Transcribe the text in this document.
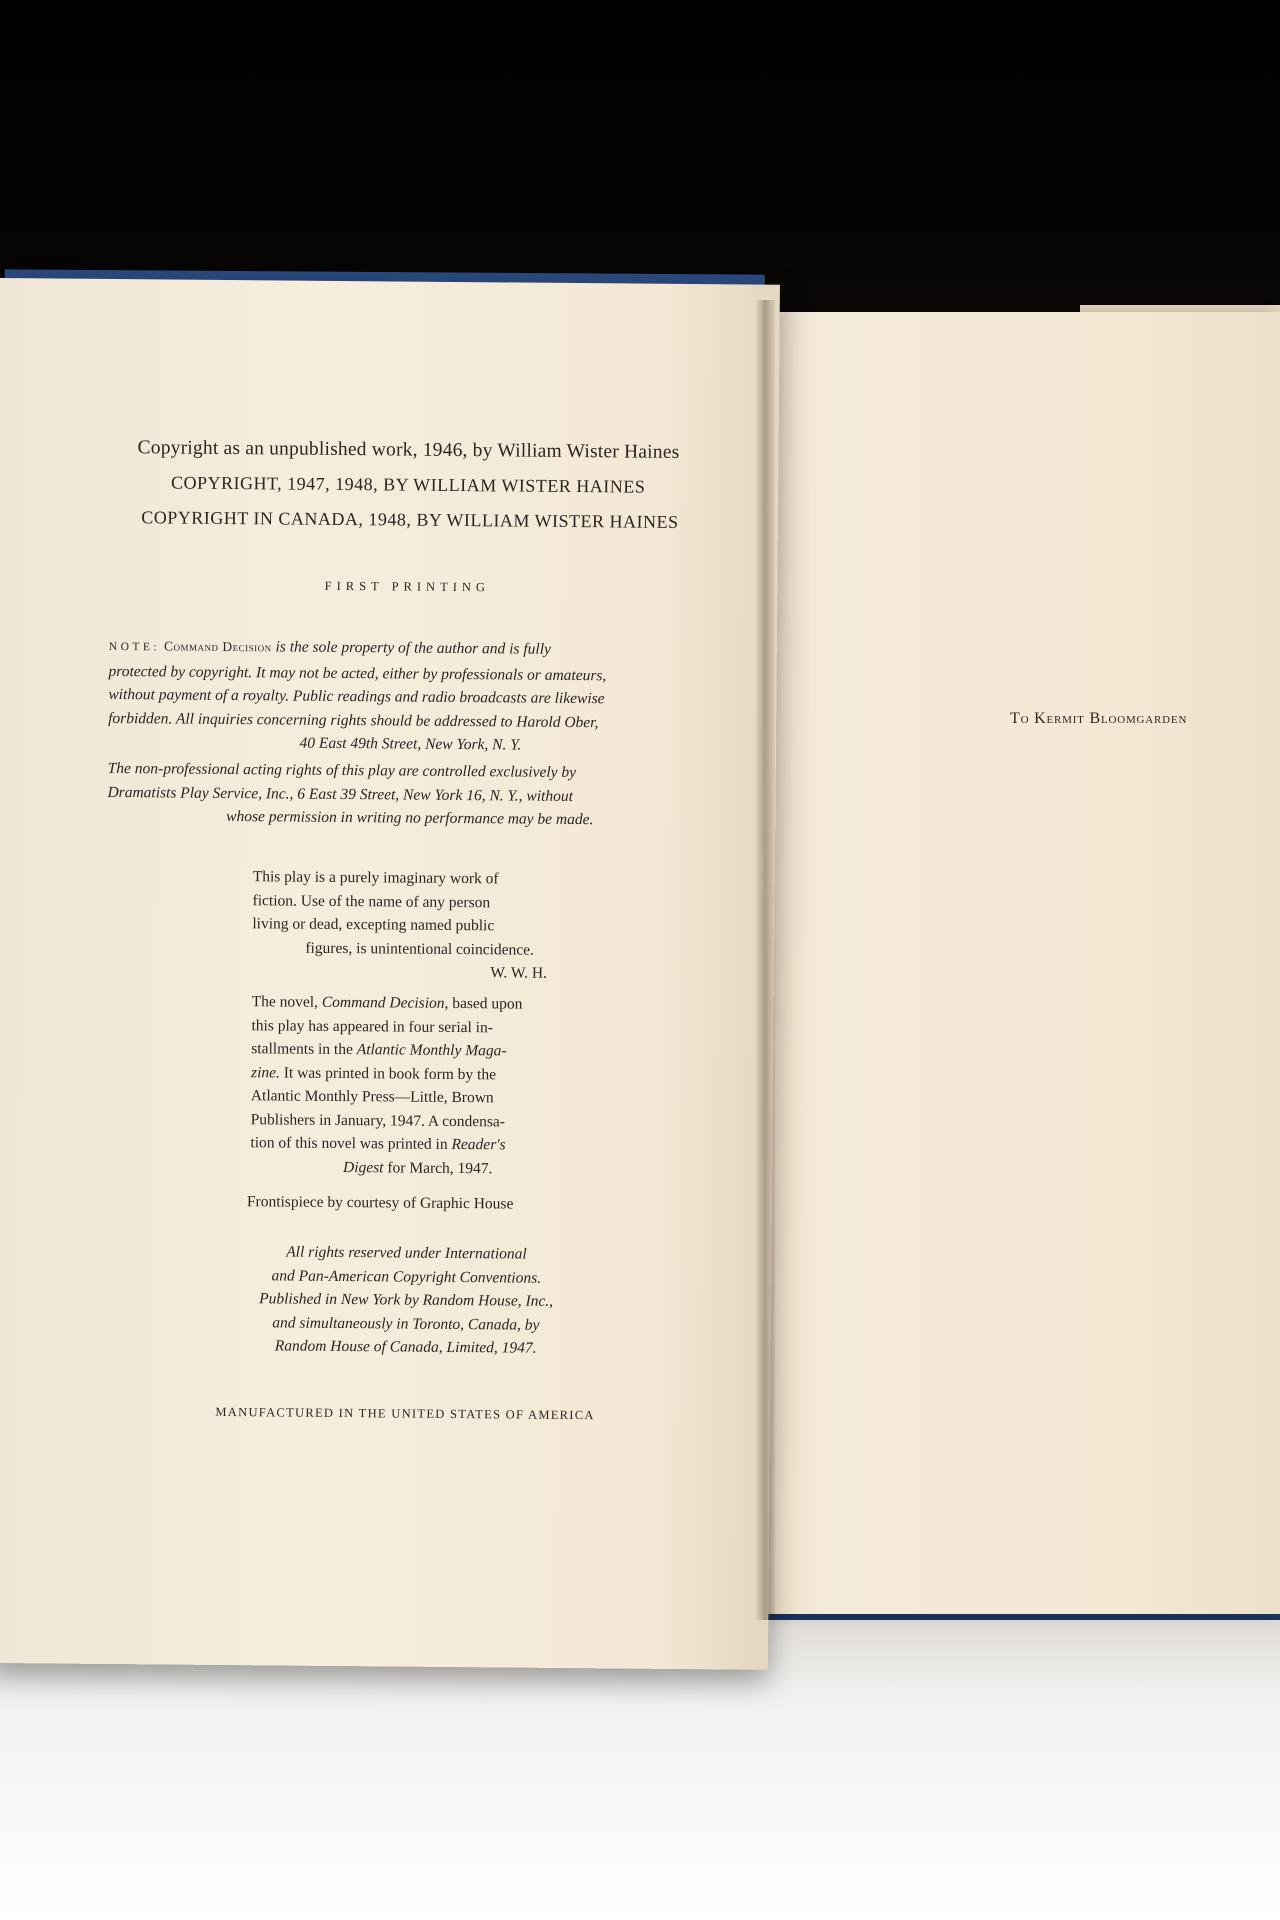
To Kermit Bloomgarden
Copyright as an unpublished work, 1946, by William Wister Haines
COPYRIGHT, 1947, 1948, BY WILLIAM WISTER HAINES
COPYRIGHT IN CANADA, 1948, BY WILLIAM WISTER HAINES
FIRST PRINTING
NOTE: Command Decision is the sole property of the author and is fully
protected by copyright. It may not be acted, either by professionals or amateurs,
without payment of a royalty. Public readings and radio broadcasts are likewise
forbidden. All inquiries concerning rights should be addressed to Harold Ober,
40 East 49th Street, New York, N. Y.
The non-professional acting rights of this play are controlled exclusively by
Dramatists Play Service, Inc., 6 East 39 Street, New York 16, N. Y., without
whose permission in writing no performance may be made.
This play is a purely imaginary work of
fiction. Use of the name of any person
living or dead, excepting named public
figures, is unintentional coincidence.
W. W. H.
The novel, Command Decision, based upon
this play has appeared in four serial in-
stallments in the Atlantic Monthly Maga-
zine. It was printed in book form by the
Atlantic Monthly Press—Little, Brown
Publishers in January, 1947. A condensa-
tion of this novel was printed in Reader's
Digest for March, 1947.
Frontispiece by courtesy of Graphic House
All rights reserved under International
and Pan-American Copyright Conventions.
Published in New York by Random House, Inc.,
and simultaneously in Toronto, Canada, by
Random House of Canada, Limited, 1947.
MANUFACTURED IN THE UNITED STATES OF AMERICA
